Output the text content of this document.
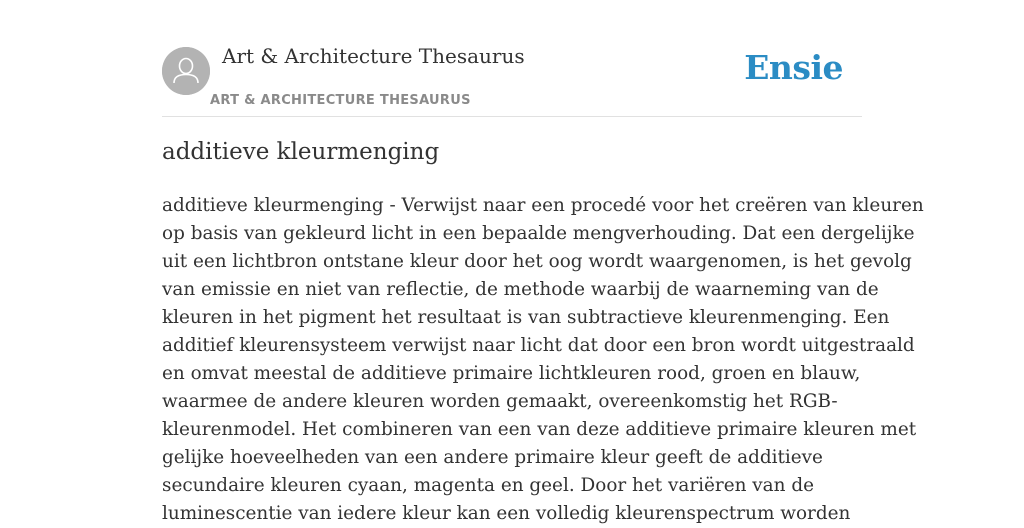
Art & Architecture Thesaurus
ART & ARCHITECTURE THESAURUS
Ensie
additieve kleurmenging
additieve kleurmenging - Verwijst naar een procedé voor het creëren van kleuren
op basis van gekleurd licht in een bepaalde mengverhouding. Dat een dergelijke
uit een lichtbron ontstane kleur door het oog wordt waargenomen, is het gevolg
van emissie en niet van reflectie, de methode waarbij de waarneming van de
kleuren in het pigment het resultaat is van subtractieve kleurenmenging. Een
additief kleurensysteem verwijst naar licht dat door een bron wordt uitgestraald
en omvat meestal de additieve primaire lichtkleuren rood, groen en blauw,
waarmee de andere kleuren worden gemaakt, overeenkomstig het RGB-
kleurenmodel. Het combineren van een van deze additieve primaire kleuren met
gelijke hoeveelheden van een andere primaire kleur geeft de additieve
secundaire kleuren cyaan, magenta en geel. Door het variëren van de
luminescentie van iedere kleur kan een volledig kleurenspectrum worden
